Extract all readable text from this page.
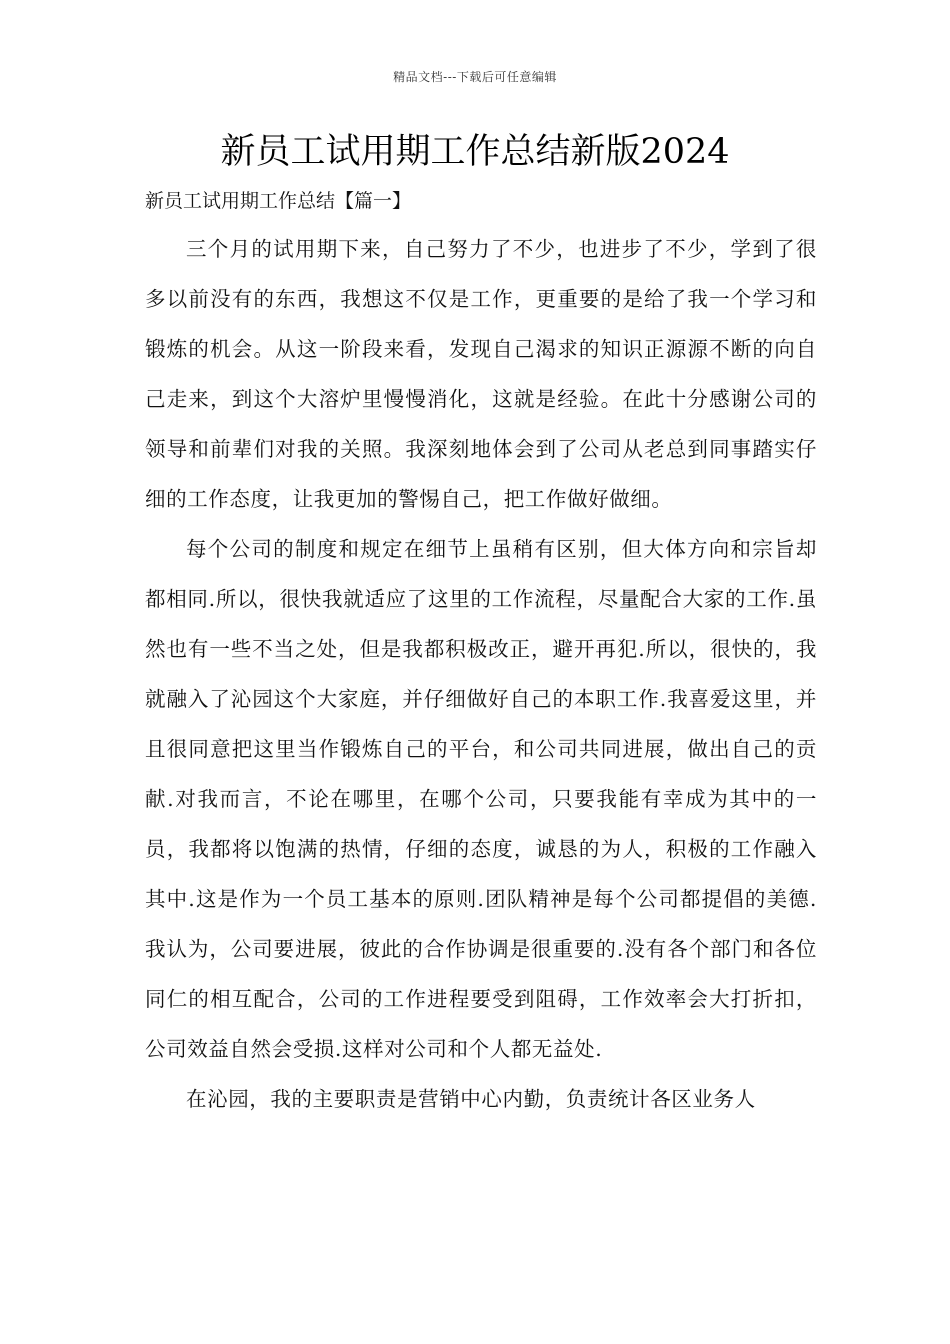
精品文档---下载后可任意编辑
新员工试用期工作总结新版2024
新员工试用期工作总结【篇一】

三个月的试用期下来，自己努力了不少，也进步了不少，学到了很多以前没有的东西，我想这不仅是工作，更重要的是给了我一个学习和锻炼的机会。从这一阶段来看，发现自己渴求的知识正源源不断的向自己走来，到这个大溶炉里慢慢消化，这就是经验。在此十分感谢公司的领导和前辈们对我的关照。我深刻地体会到了公司从老总到同事踏实仔细的工作态度，让我更加的警惕自己，把工作做好做细。

每个公司的制度和规定在细节上虽稍有区别，但大体方向和宗旨却都相同.所以，很快我就适应了这里的工作流程，尽量配合大家的工作.虽然也有一些不当之处，但是我都积极改正，避开再犯.所以，很快的，我就融入了沁园这个大家庭，并仔细做好自己的本职工作.我喜爱这里，并且很同意把这里当作锻炼自己的平台，和公司共同进展，做出自己的贡献.对我而言，不论在哪里，在哪个公司，只要我能有幸成为其中的一员，我都将以饱满的热情，仔细的态度，诚恳的为人，积极的工作融入其中.这是作为一个员工基本的原则.团队精神是每个公司都提倡的美德.我认为，公司要进展，彼此的合作协调是很重要的.没有各个部门和各位同仁的相互配合，公司的工作进程要受到阻碍，工作效率会大打折扣，公司效益自然会受损.这样对公司和个人都无益处.

在沁园，我的主要职责是营销中心内勤，负责统计各区业务人
